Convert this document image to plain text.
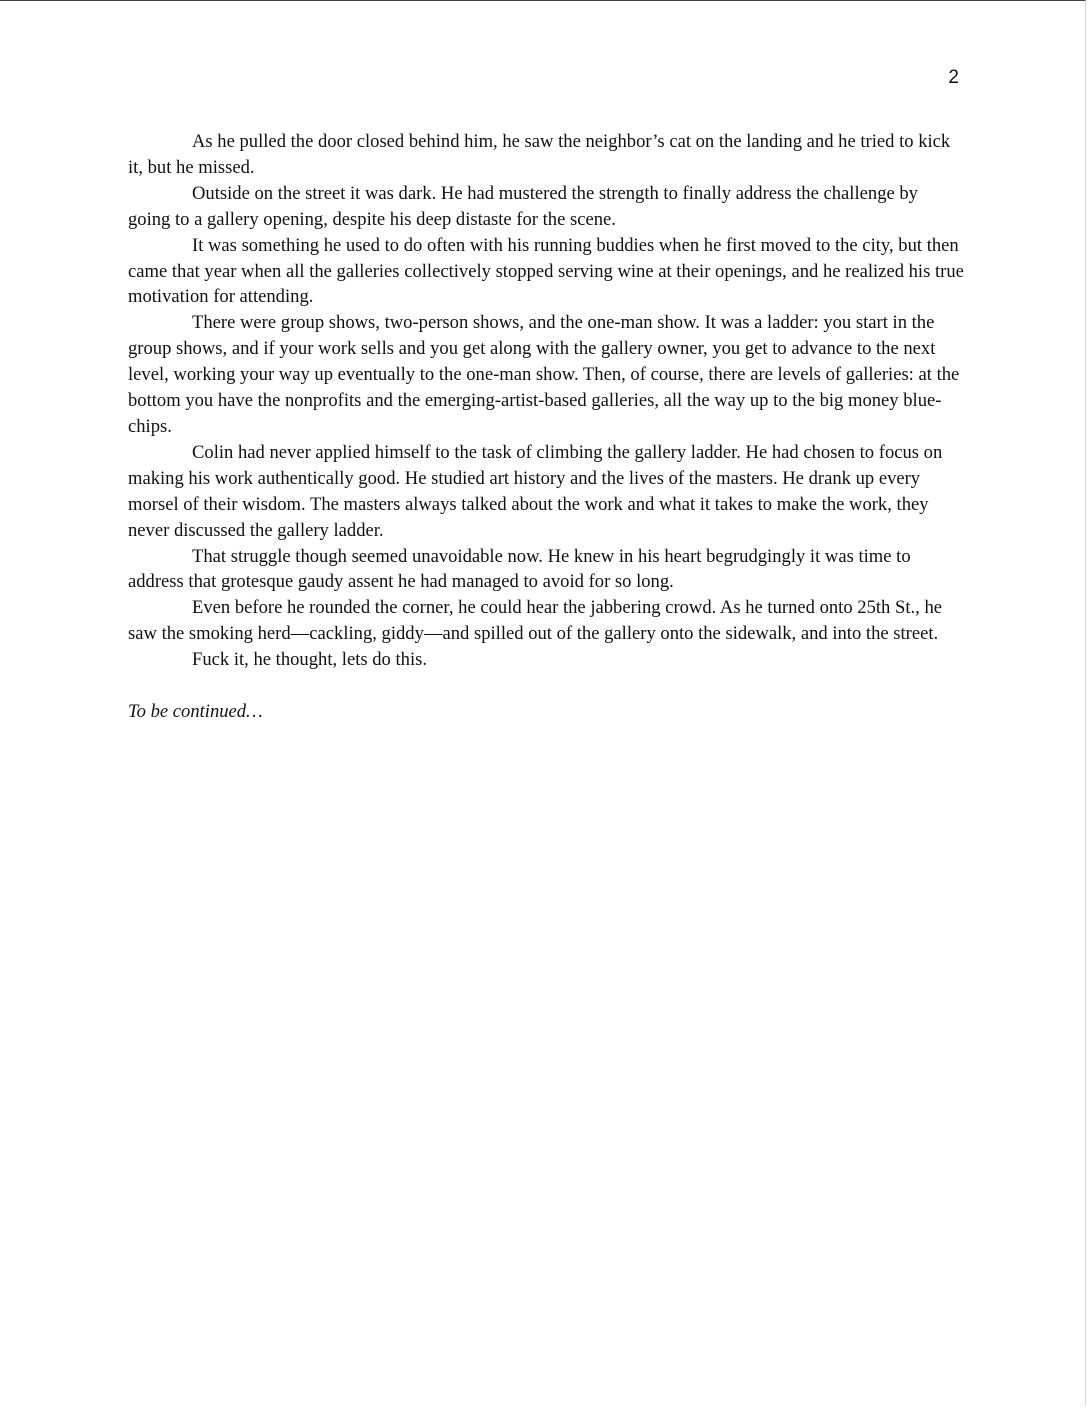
2

As he pulled the door closed behind him, he saw the neighbor’s cat on the landing and he tried to kick it, but he missed.

Outside on the street it was dark. He had mustered the strength to finally address the challenge by going to a gallery opening, despite his deep distaste for the scene.

It was something he used to do often with his running buddies when he first moved to the city, but then came that year when all the galleries collectively stopped serving wine at their openings, and he realized his true motivation for attending.

There were group shows, two-person shows, and the one-man show. It was a ladder: you start in the group shows, and if your work sells and you get along with the gallery owner, you get to advance to the next level, working your way up eventually to the one-man show. Then, of course, there are levels of galleries: at the bottom you have the nonprofits and the emerging-artist-based galleries, all the way up to the big money blue-chips.

Colin had never applied himself to the task of climbing the gallery ladder. He had chosen to focus on making his work authentically good. He studied art history and the lives of the masters. He drank up every morsel of their wisdom. The masters always talked about the work and what it takes to make the work, they never discussed the gallery ladder.

That struggle though seemed unavoidable now. He knew in his heart begrudgingly it was time to address that grotesque gaudy assent he had managed to avoid for so long.

Even before he rounded the corner, he could hear the jabbering crowd. As he turned onto 25th St., he saw the smoking herd—cackling, giddy—and spilled out of the gallery onto the sidewalk, and into the street.

Fuck it, he thought, lets do this.

To be continued…
